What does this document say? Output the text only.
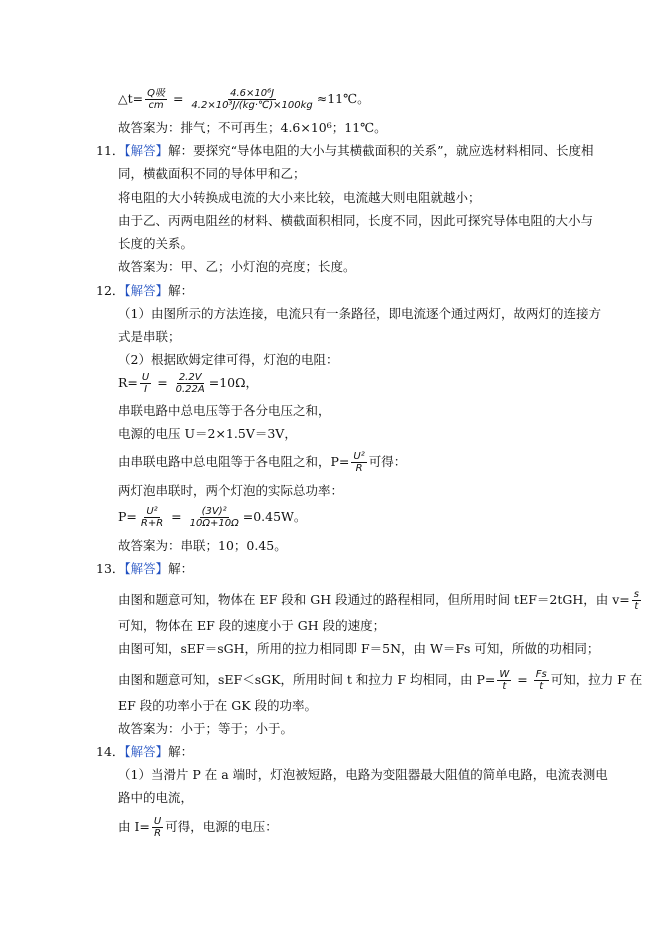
△t= $\frac{\text{Q吸}}{cm} = \frac{\text{4.6×10⁶J}}{\text{4.2×10³J/(kg·℃)×100kg}}$ ≈11℃。
故答案为：排气；不可再生；4.6×10⁶；11℃。
11．【解答】解：要探究“导体电阻的大小与其横截面积的关系”，就应选材料相同、长度相
同，横截面积不同的导体甲和乙；
将电阻的大小转换成电流的大小来比较，电流越大则电阻就越小；
由于乙、丙两电阻丝的材料、横截面积相同，长度不同，因此可探究导体电阻的大小与
长度的关系。
故答案为：甲、乙；小灯泡的亮度；长度。
12．【解答】解：
（1）由图所示的方法连接，电流只有一条路径，即电流逐个通过两灯，故两灯的连接方
式是串联；
（2）根据欧姆定律可得，灯泡的电阻：
$R= \frac{U}{I} = \frac{2.2V}{0.22A} =10\Omega$，
串联电路中总电压等于各分电压之和，
电源的电压 U＝2×1.5V＝3V，
由串联电路中总电阻等于各电阻之和，$P= \frac{\text{U²}}{R}$ 可得：
两灯泡串联时，两个灯泡的实际总功率：
$P= \frac{\text{U²}}{R+R} = \frac{\text{(3V)²}}{10\Omega+10\Omega} =0.45W$。
故答案为：串联；10；0.45。
13．【解答】解：
由图和题意可知，物体在 EF 段和 GH 段通过的路程相同，但所用时间 tEF＝2tGH，由 $v= \frac{s}{t}$
可知，物体在 EF 段的速度小于 GH 段的速度；
由图可知，sEF＝sGH，所用的拉力相同即 F＝5N，由 W＝Fs 可知，所做的功相同；
由图和题意可知，sEF＜sGK，所用时间 t 和拉力 F 均相同，由 $P= \frac{W}{t} = \frac{Fs}{t}$ 可知，拉力 F 在
EF 段的功率小于在 GK 段的功率。
故答案为：小于；等于；小于。
14．【解答】解：
（1）当滑片 P 在 a 端时，灯泡被短路，电路为变阻器最大阻值的简单电路，电流表测电
路中的电流，
由 $I= \frac{U}{R}$ 可得，电源的电压：
